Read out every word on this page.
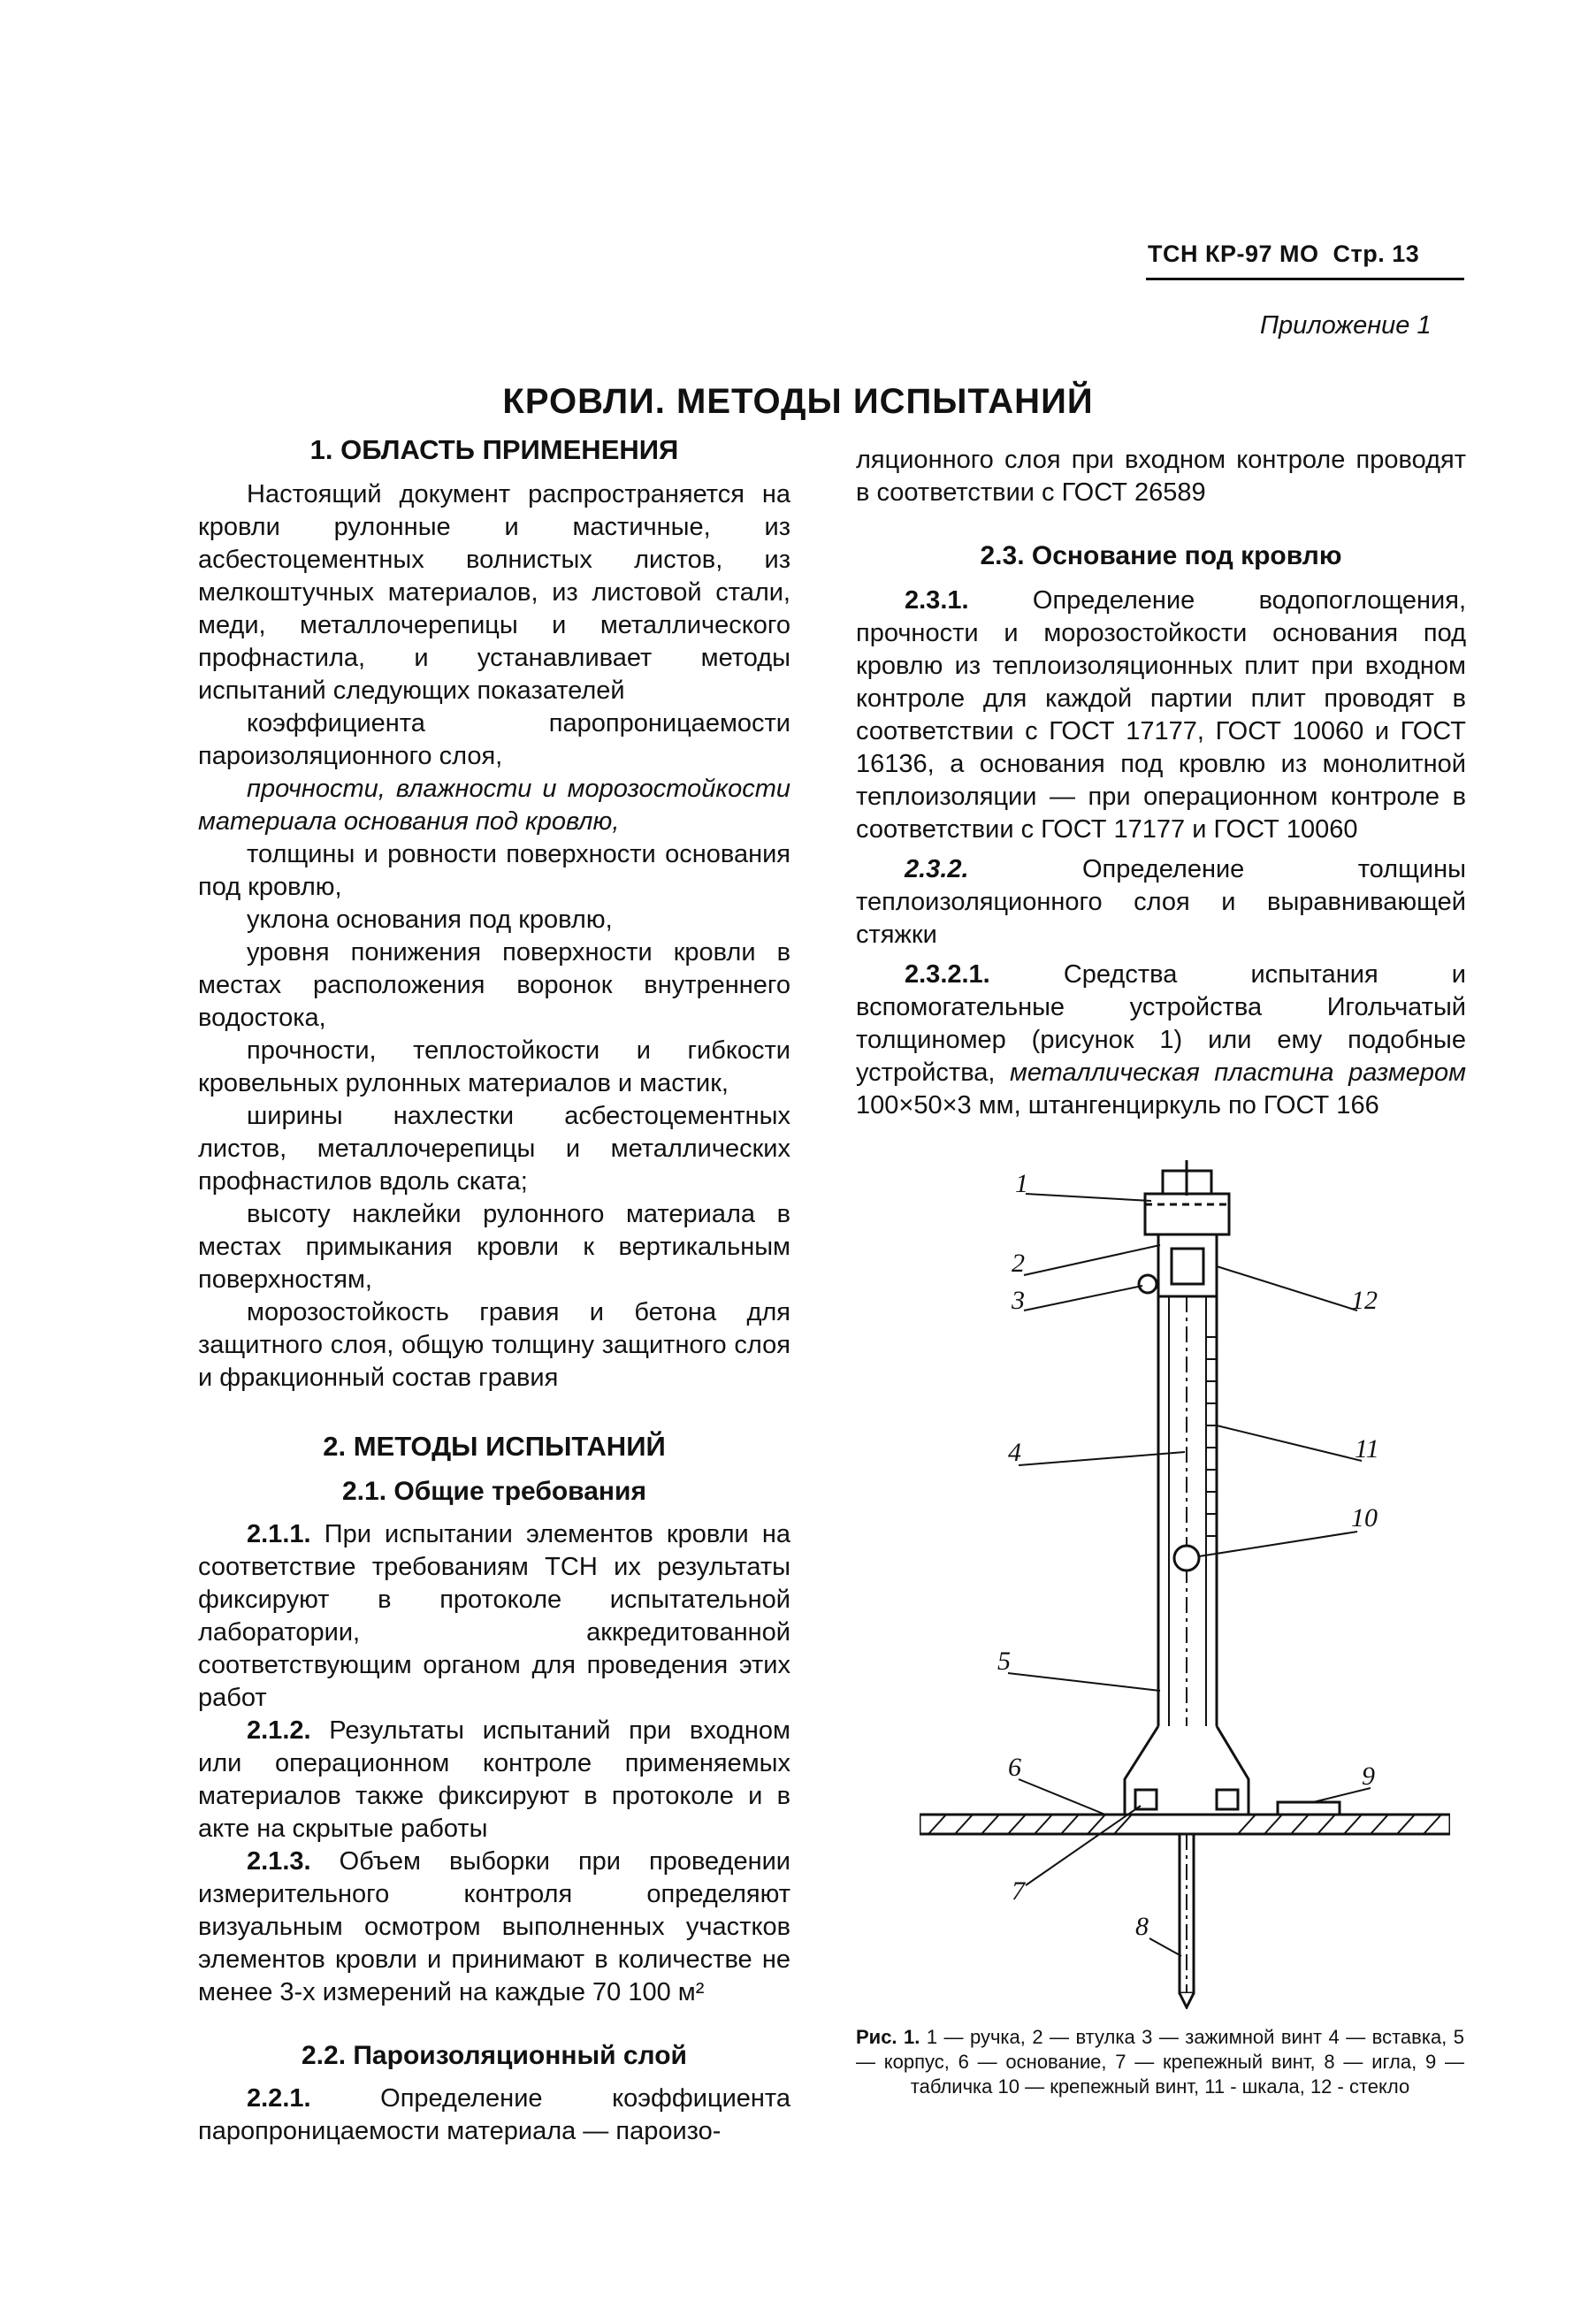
ТСН КР-97 МО Стр. 13
Приложение 1
КРОВЛИ. МЕТОДЫ ИСПЫТАНИЙ

1. ОБЛАСТЬ ПРИМЕНЕНИЯ

Настоящий документ распространяется на кровли рулонные и мастичные, из асбестоцементных волнистых листов, из мелкоштучных материалов, из листовой стали, меди, металлочерепицы и металлического профнастила, и устанавливает методы испытаний следующих показателей

коэффициента паропроницаемости пароизоляционного слоя,

прочности, влажности и морозостойкости материала основания под кровлю,

толщины и ровности поверхности основания под кровлю,

уклона основания под кровлю,

уровня понижения поверхности кровли в местах расположения воронок внутреннего водостока,

прочности, теплостойкости и гибкости кровельных рулонных материалов и мастик,

ширины нахлестки асбестоцементных листов, металлочерепицы и металлических профнастилов вдоль ската;

высоту наклейки рулонного материала в местах примыкания кровли к вертикальным поверхностям,

морозостойкость гравия и бетона для защитного слоя, общую толщину защитного слоя и фракционный состав гравия

2. МЕТОДЫ ИСПЫТАНИЙ

2.1. Общие требования

2.1.1. При испытании элементов кровли на соответствие требованиям ТСН их результаты фиксируют в протоколе испытательной лаборатории, аккредитованной соответствующим органом для проведения этих работ

2.1.2. Результаты испытаний при входном или операционном контроле применяемых материалов также фиксируют в протоколе и в акте на скрытые работы

2.1.3. Объем выборки при проведении измерительного контроля определяют визуальным осмотром выполненных участков элементов кровли и принимают в количестве не менее 3-х измерений на каждые 70 100 м²

2.2. Пароизоляционный слой

2.2.1.	Определение коэффициента паропроницаемости материала — пароизо-

ляционного слоя при входном контроле проводят в соответствии с ГОСТ 26589

2.3. Основание под кровлю

2.3.1. Определение водопоглощения, прочности и морозостойкости основания под кровлю из теплоизоляционных плит при входном контроле для каждой партии плит проводят в соответствии с ГОСТ 17177, ГОСТ 10060 и ГОСТ 16136, а основания под кровлю из монолитной теплоизоляции — при операционном контроле в соответствии с ГОСТ 17177 и ГОСТ 10060

2.3.2.	Определение толщины теплоизоляционного слоя и выравнивающей стяжки

2.3.2.1.	Средства испытания и вспомогательные устройства Игольчатый толщиномер (рисунок 1) или ему подобные устройства, металлическая пластина размером 100×50×3 мм, штангенциркуль по ГОСТ 166

1
2
3
4
5
6
7
8
9
10
11
12
Рис. 1. 1 — ручка, 2 — втулка 3 — зажимной винт 4 — вставка, 5 — корпус, 6 — основание, 7 — крепежный винт, 8 — игла, 9 — табличка 10 — крепежный винт, 11 - шкала, 12 - стекло
